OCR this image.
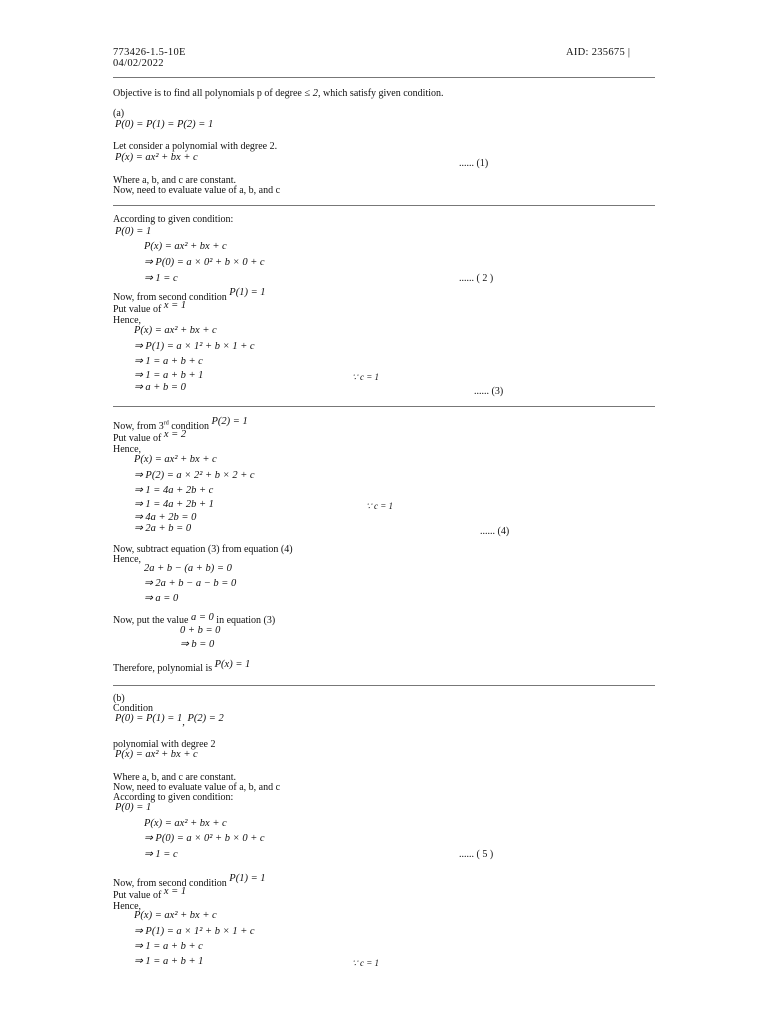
773426-1.5-10E
04/02/2022
AID: 235675 |
Objective is to find all polynomials p of degree ≤ 2, which satisfy given condition.
(a)
P(0) = P(1) = P(2) = 1
Let consider a polynomial with degree 2.
P(x) = ax² + bx + c
...... (1)
Where a, b, and c are constant.
Now, need to evaluate value of a, b, and c
According to given condition:
P(0) = 1
P(x) = ax² + bx + c
⇒ P(0) = a × 0² + b × 0 + c
⇒ 1 = c	...... ( 2 )
Now, from second condition P(1) = 1
Put value of x = 1
Hence,
P(x) = ax² + bx + c
⇒ P(1) = a × 1² + b × 1 + c
⇒ 1 = a + b + c
⇒ 1 = a + b + 1	∵ c = 1
⇒ a + b = 0	...... (3)
Now, from 3rd condition P(2) = 1
Put value of x = 2
Hence,
P(x) = ax² + bx + c
⇒ P(2) = a × 2² + b × 2 + c
⇒ 1 = 4a + 2b + c
⇒ 1 = 4a + 2b + 1	∵ c = 1
⇒ 4a + 2b = 0
⇒ 2a + b = 0	...... (4)
Now, subtract equation (3) from equation (4)
Hence,
2a + b − (a + b) = 0
⇒ 2a + b − a − b = 0
⇒ a = 0
Now, put the value a = 0 in equation (3)
0 + b = 0
⇒ b = 0
Therefore, polynomial is P(x) = 1
(b)
Condition
P(0) = P(1) = 1, P(2) = 2
polynomial with degree 2
P(x) = ax² + bx + c
Where a, b, and c are constant.
Now, need to evaluate value of a, b, and c
According to given condition:
P(0) = 1
P(x) = ax² + bx + c
⇒ P(0) = a × 0² + b × 0 + c
⇒ 1 = c	...... ( 5 )
Now, from second condition P(1) = 1
Put value of x = 1
Hence,
P(x) = ax² + bx + c
⇒ P(1) = a × 1² + b × 1 + c
⇒ 1 = a + b + c
⇒ 1 = a + b + 1	∵ c = 1
